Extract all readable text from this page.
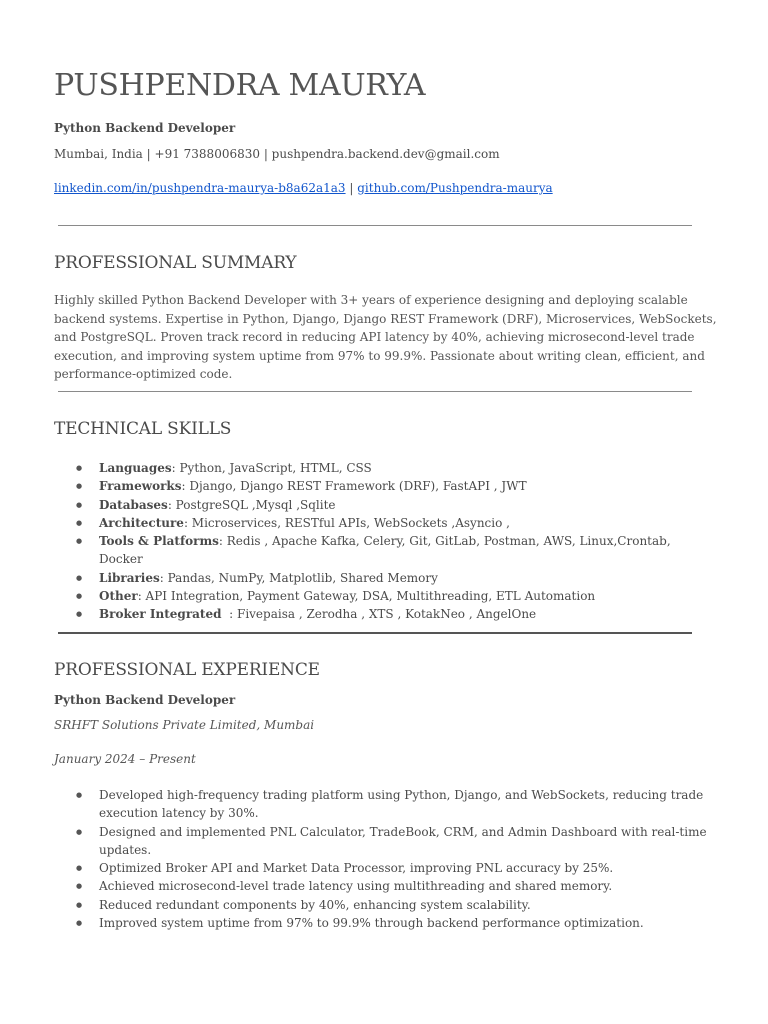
PUSHPENDRA MAURYA
Python Backend Developer
Mumbai, India | +91 7388006830 | pushpendra.backend.dev@gmail.com
linkedin.com/in/pushpendra-maurya-b8a62a1a3 | github.com/Pushpendra-maurya
PROFESSIONAL SUMMARY

Highly skilled Python Backend Developer with 3+ years of experience designing and deploying scalable backend systems. Expertise in Python, Django, Django REST Framework (DRF), Microservices, WebSockets, and PostgreSQL. Proven track record in reducing API latency by 40%, achieving microsecond-level trade execution, and improving system uptime from 97% to 99.9%. Passionate about writing clean, efficient, and performance-optimized code.

TECHNICAL SKILLS
● Languages: Python, JavaScript, HTML, CSS
● Frameworks: Django, Django REST Framework (DRF), FastAPI , JWT
● Databases: PostgreSQL ,Mysql ,Sqlite
● Architecture: Microservices, RESTful APIs, WebSockets ,Asyncio ,
● Tools & Platforms: Redis , Apache Kafka, Celery, Git, GitLab, Postman, AWS, Linux,Crontab, Docker
● Libraries: Pandas, NumPy, Matplotlib, Shared Memory
● Other: API Integration, Payment Gateway, DSA, Multithreading, ETL Automation
● Broker Integrated  : Fivepaisa , Zerodha , XTS , KotakNeo , AngelOne
PROFESSIONAL EXPERIENCE
Python Backend Developer
SRHFT Solutions Private Limited, Mumbai
January 2024 – Present
● Developed high-frequency trading platform using Python, Django, and WebSockets, reducing trade execution latency by 30%.
● Designed and implemented PNL Calculator, TradeBook, CRM, and Admin Dashboard with real-time updates.
● Optimized Broker API and Market Data Processor, improving PNL accuracy by 25%.
● Achieved microsecond-level trade latency using multithreading and shared memory.
● Reduced redundant components by 40%, enhancing system scalability.
● Improved system uptime from 97% to 99.9% through backend performance optimization.
